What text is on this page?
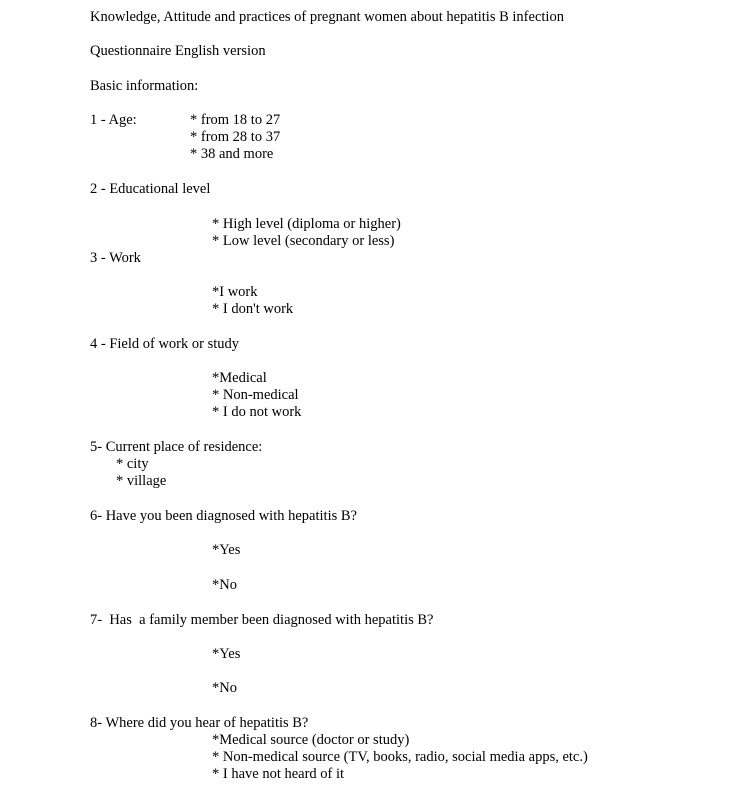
Knowledge, Attitude and practices of pregnant women about hepatitis B infection

Questionnaire English version

Basic information:

1 - Age:	* from 18 to 27

* from 28 to 37

* 38 and more

2 - Educational level

* High level (diploma or higher)

* Low level (secondary or less)

3 - Work

*I work

* I don't work

4 - Field of work or study

*Medical

* Non-medical

* I do not work

5- Current place of residence:

* city

* village

6- Have you been diagnosed with hepatitis B?

*Yes

*No

7-  Has  a family member been diagnosed with hepatitis B?

*Yes

*No

8- Where did you hear of hepatitis B?

*Medical source (doctor or study)

* Non-medical source (TV, books, radio, social media apps, etc.)

* I have not heard of it
